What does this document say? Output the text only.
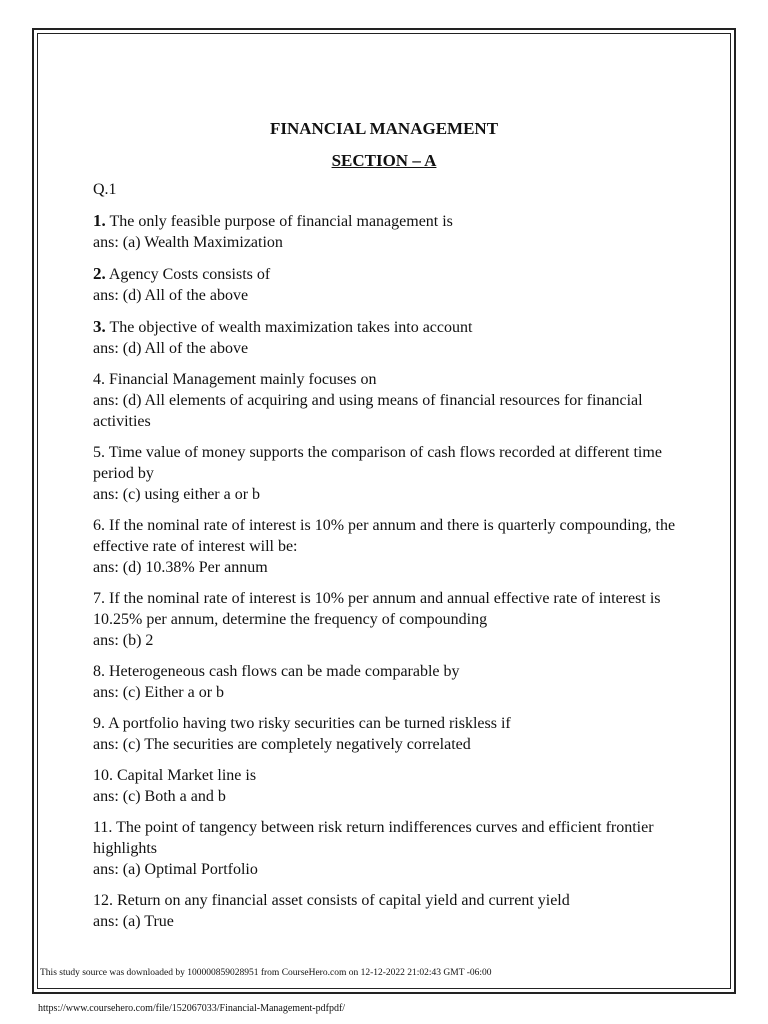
FINANCIAL MANAGEMENT
SECTION – A
Q.1
1. The only feasible purpose of financial management is
ans: (a) Wealth Maximization
2. Agency Costs consists of
ans: (d) All of the above
3. The objective of wealth maximization takes into account
ans: (d) All of the above
4. Financial Management mainly focuses on
ans: (d) All elements of acquiring and using means of financial resources for financial activities
5. Time value of money supports the comparison of cash flows recorded at different time period by
ans: (c) using either a or b
6. If the nominal rate of interest is 10% per annum and there is quarterly compounding, the effective rate of interest will be:
ans: (d) 10.38% Per annum
7. If the nominal rate of interest is 10% per annum and annual effective rate of interest is 10.25% per annum, determine the frequency of compounding
ans: (b) 2
8. Heterogeneous cash flows can be made comparable by
ans: (c) Either a or b
9. A portfolio having two risky securities can be turned riskless if
ans: (c) The securities are completely negatively correlated
10. Capital Market line is
ans: (c) Both a and b
11. The point of tangency between risk return indifferences curves and efficient frontier highlights
ans: (a) Optimal Portfolio
12. Return on any financial asset consists of capital yield and current yield
ans: (a) True
This study source was downloaded by 100000859028951 from CourseHero.com on 12-12-2022 21:02:43 GMT -06:00
https://www.coursehero.com/file/152067033/Financial-Management-pdfpdf/
